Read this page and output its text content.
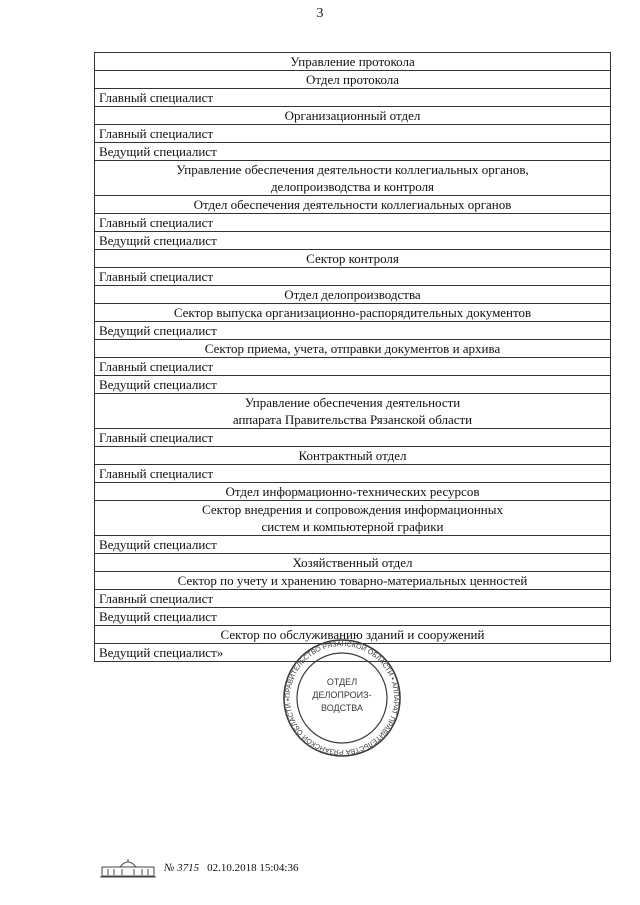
3
Управление протокола
Отдел протокола
Главный специалист
Организационный отдел
Главный специалист
Ведущий специалист
Управление обеспечения деятельности коллегиальных органов,
делопроизводства и контроля
Отдел обеспечения деятельности коллегиальных органов
Главный специалист
Ведущий специалист
Сектор контроля
Главный специалист
Отдел делопроизводства
Сектор выпуска организационно-распорядительных документов
Ведущий специалист
Сектор приема, учета, отправки документов и архива
Главный специалист
Ведущий специалист
Управление обеспечения деятельности
аппарата Правительства Рязанской области
Главный специалист
Контрактный отдел
Главный специалист
Отдел информационно-технических ресурсов
Сектор внедрения и сопровождения информационных
систем и компьютерной графики
Ведущий специалист
Хозяйственный отдел
Сектор по учету и хранению товарно-материальных ценностей
Главный специалист
Ведущий специалист
Сектор по обслуживанию зданий и сооружений
Ведущий специалист»
ПРАВИТЕЛЬСТВО РЯЗАНСКОЙ ОБЛАСТИ • АППАРАТ ПРАВИТЕЛЬСТВА РЯЗАНСКОЙ ОБЛАСТИ •
ОТДЕЛ
ДЕЛОПРОИЗ-
ВОДСТВА
№ 3715 02.10.2018 15:04:36
